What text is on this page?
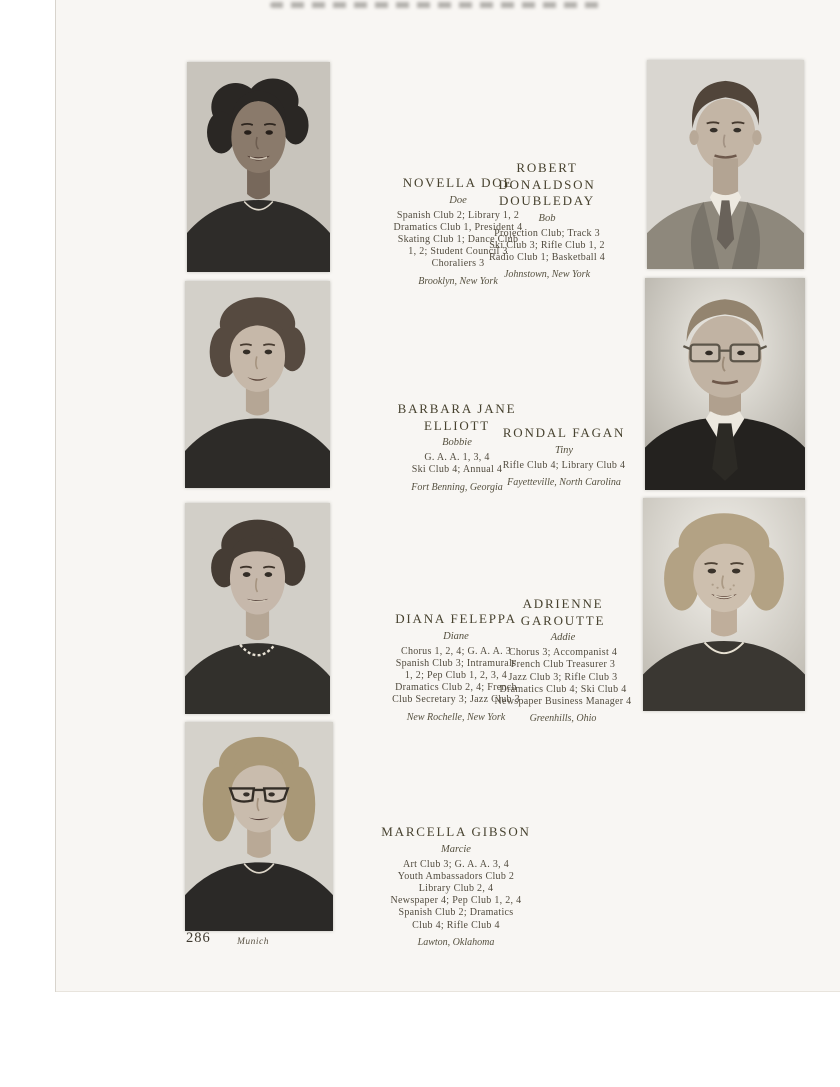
NOVELLA DOE
Doe
Spanish Club 2; Library 1, 2
Dramatics Club 1, President 4
Skating Club 1; Dance Club
1, 2; Student Council 3
Choraliers 3
Brooklyn, New York
ROBERT DONALDSON DOUBLEDAY
Bob
Projection Club; Track 3
Ski Club 3; Rifle Club 1, 2
Radio Club 1; Basketball 4
Johnstown, New York
BARBARA JANE ELLIOTT
Bobbie
G. A. A. 1, 3, 4
Ski Club 4; Annual 4
Fort Benning, Georgia
RONDAL FAGAN
Tiny
Rifle Club 4; Library Club 4
Fayetteville, North Carolina
DIANA FELEPPA
Diane
Chorus 1, 2, 4; G. A. A. 3
Spanish Club 3; Intramurals
1, 2; Pep Club 1, 2, 3, 4
Dramatics Club 2, 4; French
Club Secretary 3; Jazz Club 3
New Rochelle, New York
ADRIENNE GAROUTTE
Addie
Chorus 3; Accompanist 4
French Club Treasurer 3
Jazz Club 3; Rifle Club 3
Dramatics Club 4; Ski Club 4
Newspaper Business Manager 4
Greenhills, Ohio
MARCELLA GIBSON
Marcie
Art Club 3; G. A. A. 3, 4
Youth Ambassadors Club 2
Library Club 2, 4
Newspaper 4; Pep Club 1, 2, 4
Spanish Club 2; Dramatics
Club 4; Rifle Club 4
Lawton, Oklahoma
286	Munich
